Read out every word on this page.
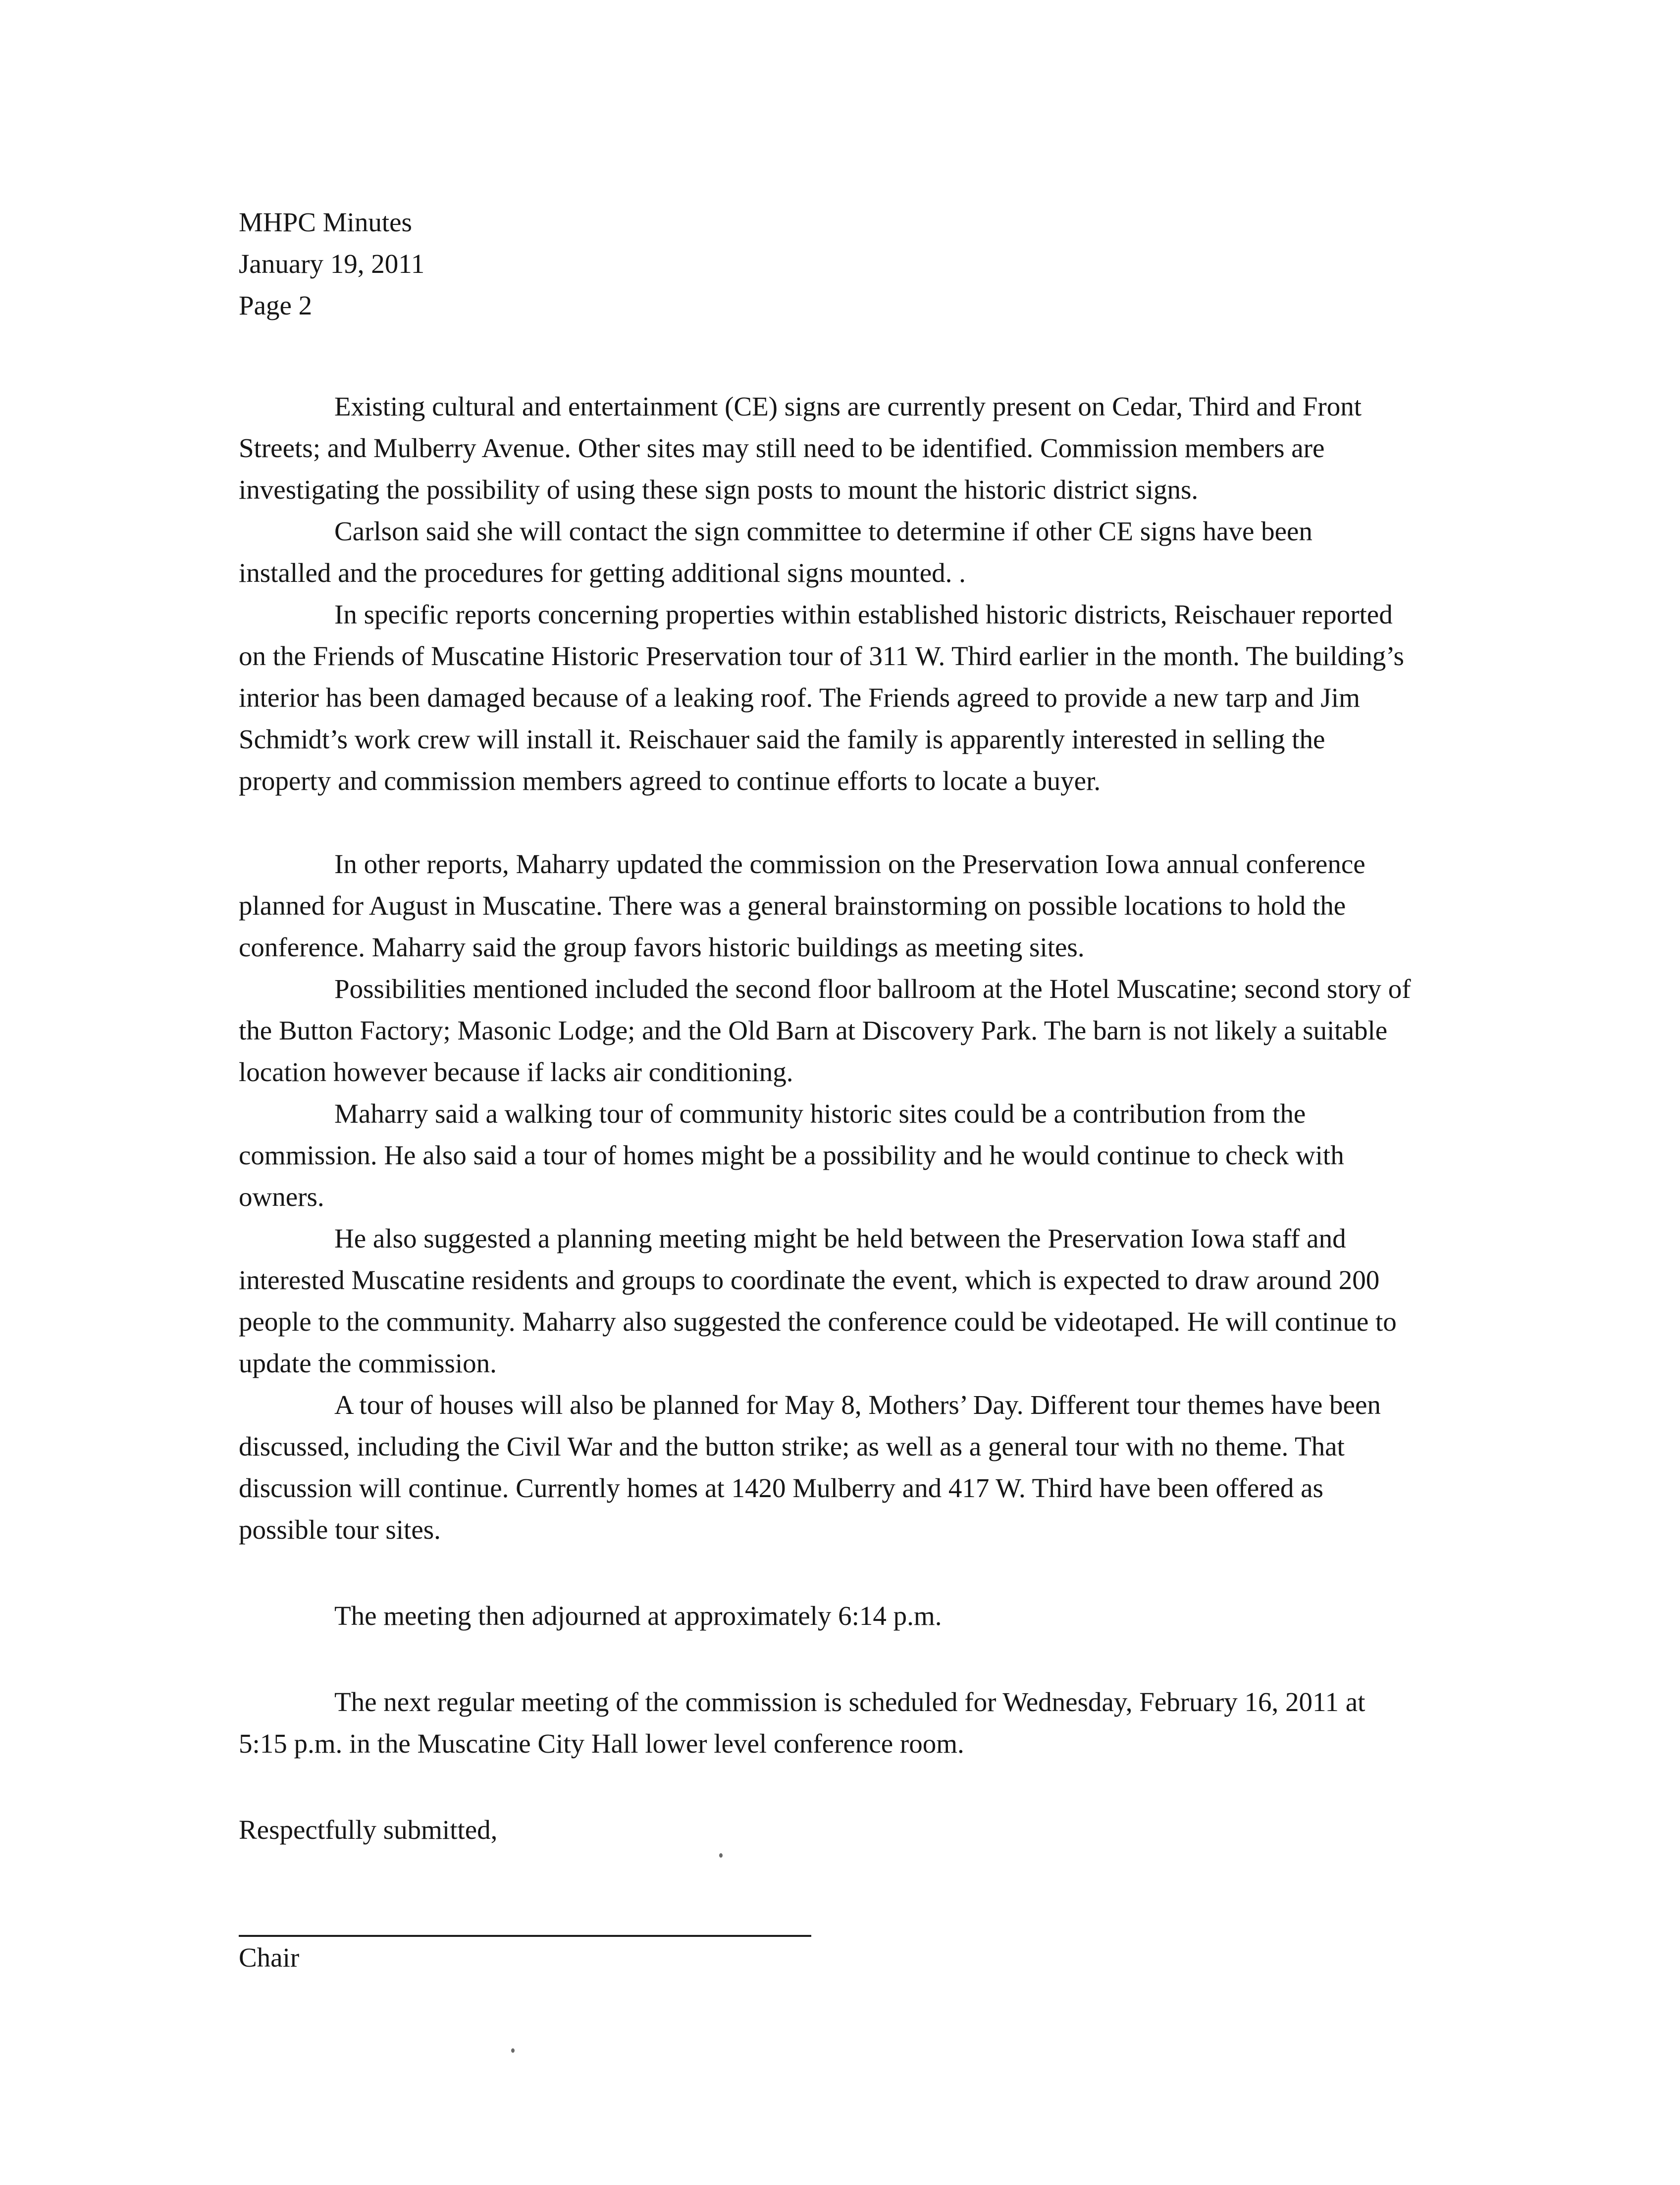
MHPC Minutes
January 19, 2011
Page 2

Existing cultural and entertainment (CE) signs are currently present on Cedar, Third and Front Streets; and Mulberry Avenue. Other sites may still need to be identified. Commission members are investigating the possibility of using these sign posts to mount the historic district signs.

Carlson said she will contact the sign committee to determine if other CE signs have been installed and the procedures for getting additional signs mounted. .

In specific reports concerning properties within established historic districts, Reischauer reported on the Friends of Muscatine Historic Preservation tour of 311 W. Third earlier in the month. The building’s interior has been damaged because of a leaking roof. The Friends agreed to provide a new tarp and Jim Schmidt’s work crew will install it. Reischauer said the family is apparently interested in selling the property and commission members agreed to continue efforts to locate a buyer.

In other reports, Maharry updated the commission on the Preservation Iowa annual conference planned for August in Muscatine. There was a general brainstorming on possible locations to hold the conference. Maharry said the group favors historic buildings as meeting sites.

Possibilities mentioned included the second floor ballroom at the Hotel Muscatine; second story of the Button Factory; Masonic Lodge; and the Old Barn at Discovery Park. The barn is not likely a suitable location however because if lacks air conditioning.

Maharry said a walking tour of community historic sites could be a contribution from the commission. He also said a tour of homes might be a possibility and he would continue to check with owners.

He also suggested a planning meeting might be held between the Preservation Iowa staff and interested Muscatine residents and groups to coordinate the event, which is expected to draw around 200 people to the community. Maharry also suggested the conference could be videotaped. He will continue to update the commission.

A tour of houses will also be planned for May 8, Mothers’ Day. Different tour themes have been discussed, including the Civil War and the button strike; as well as a general tour with no theme. That discussion will continue. Currently homes at 1420 Mulberry and 417 W. Third have been offered as possible tour sites.

The meeting then adjourned at approximately 6:14 p.m.

The next regular meeting of the commission is scheduled for Wednesday, February 16, 2011 at 5:15 p.m. in the Muscatine City Hall lower level conference room.

Respectfully submitted,

Chair
